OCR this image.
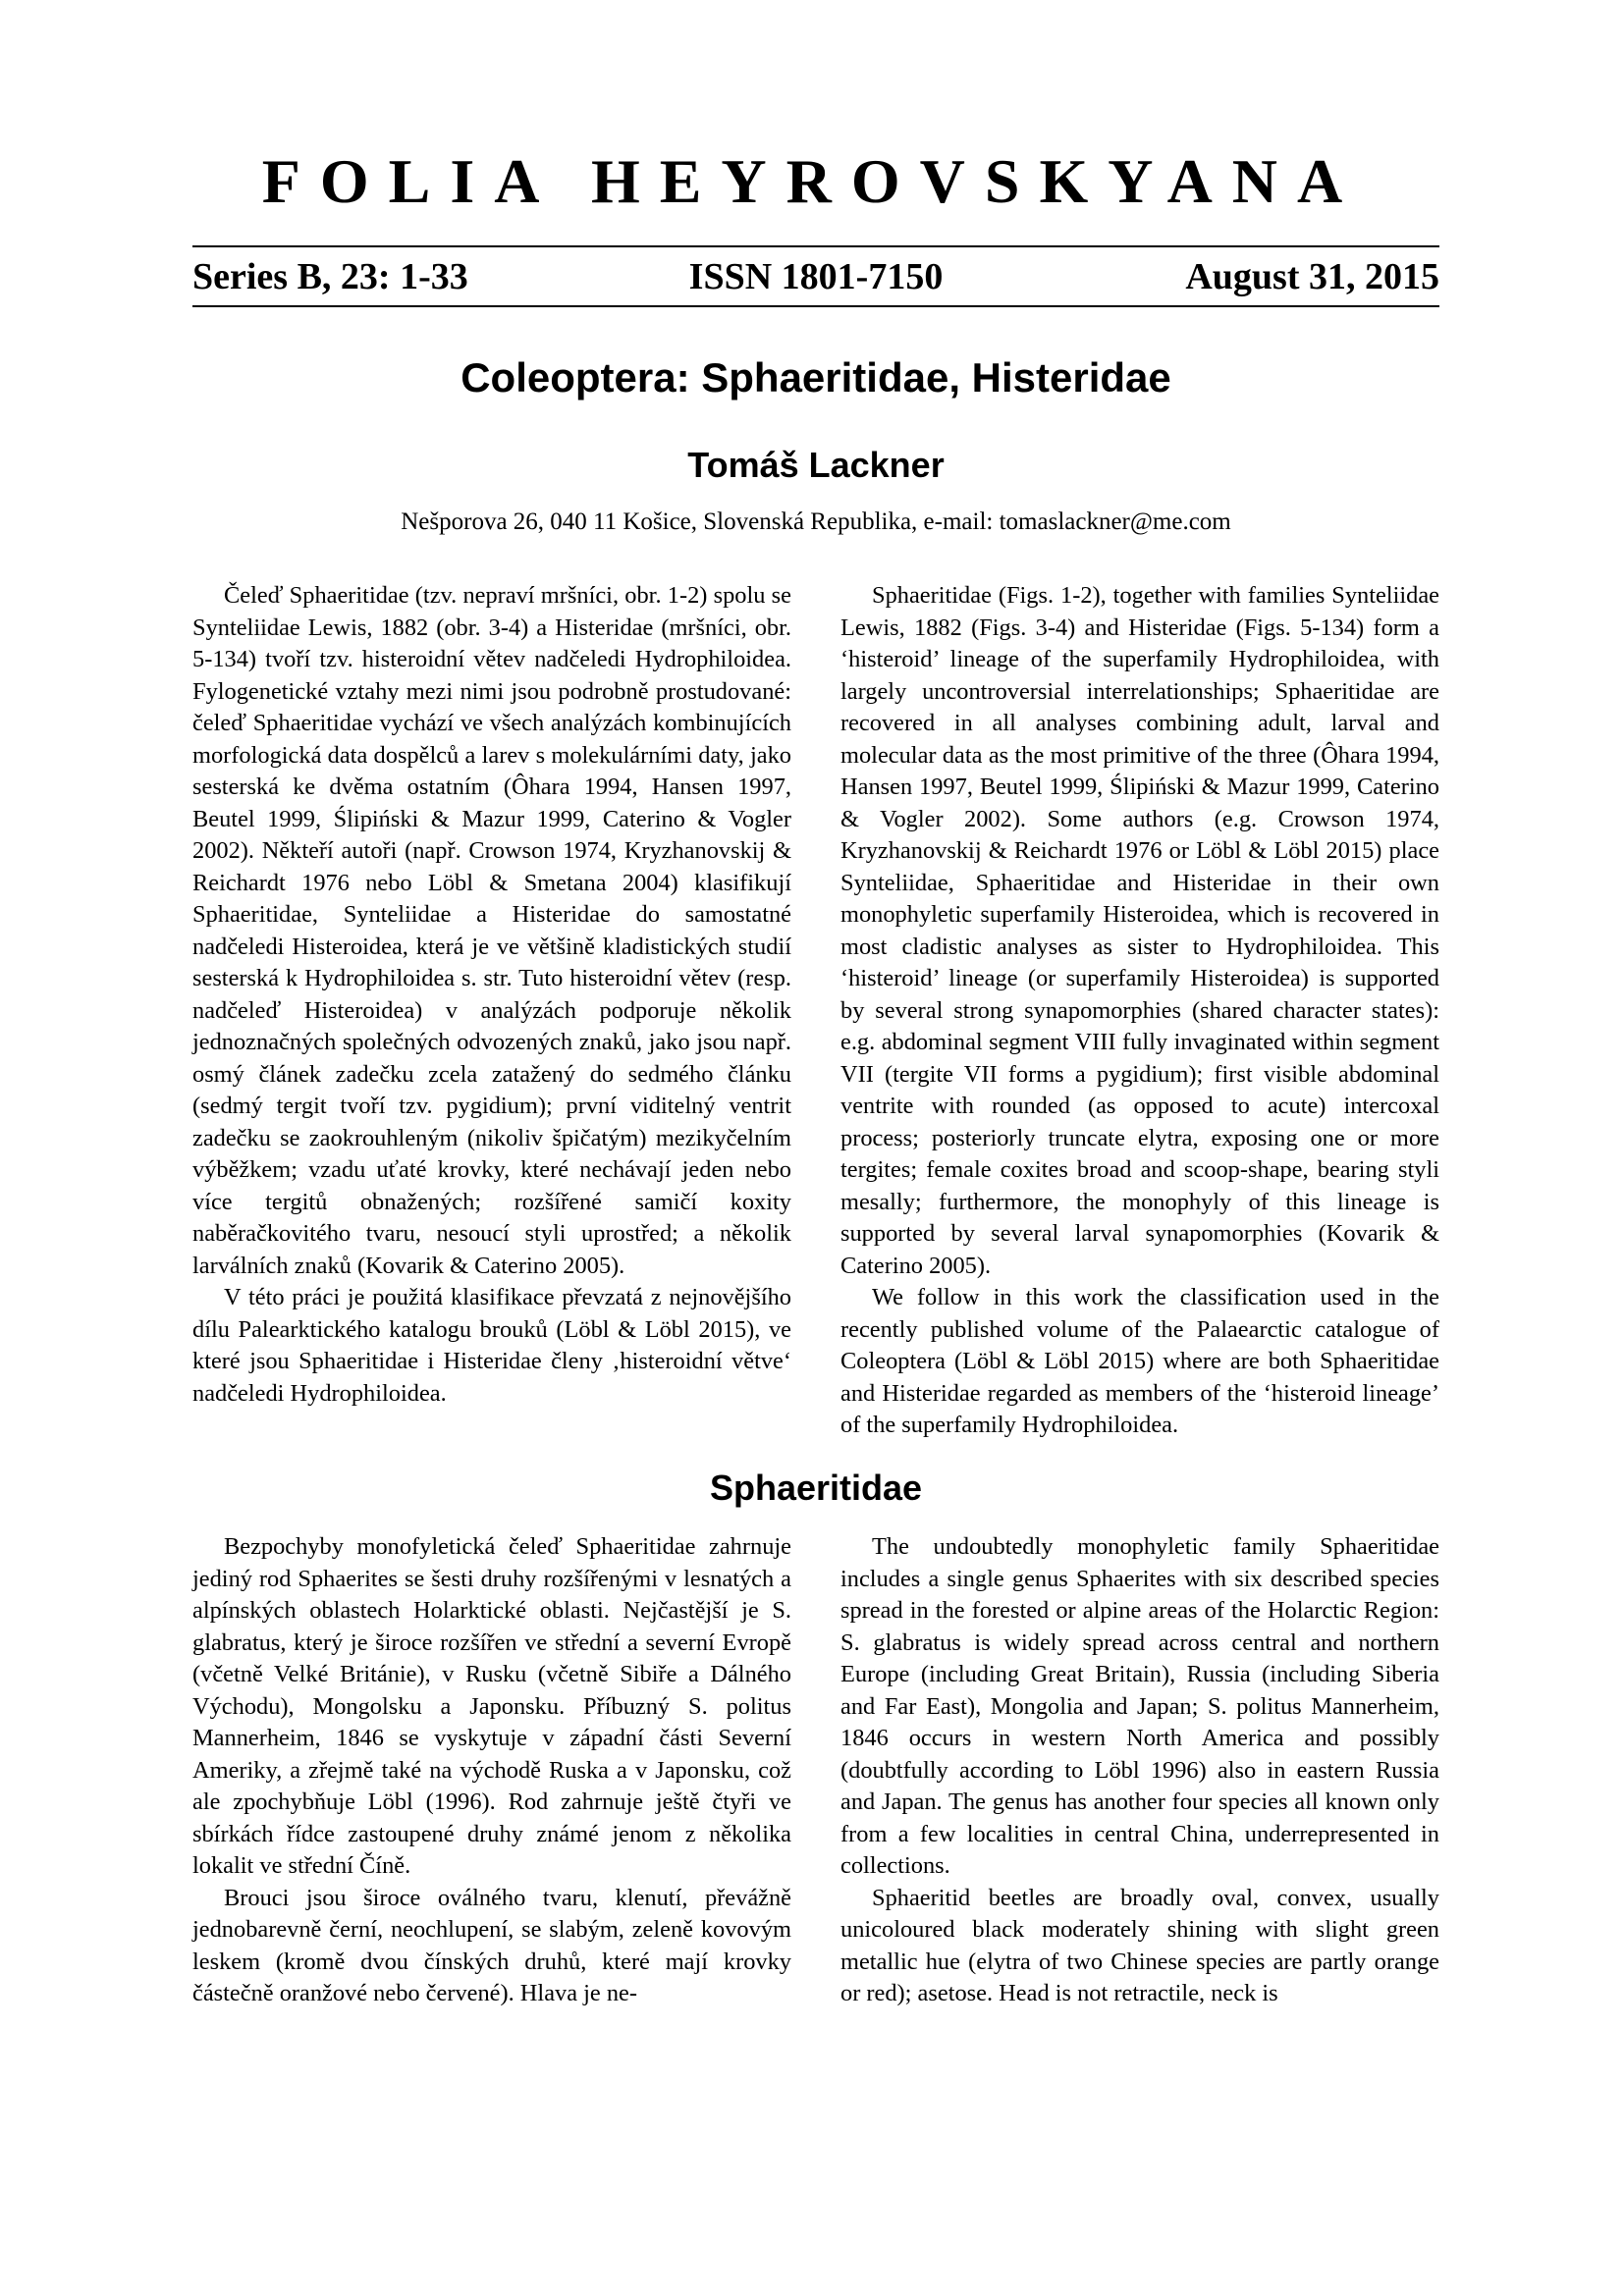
FOLIA HEYROVSKYANA
Series B, 23: 1-33	ISSN 1801-7150	August 31, 2015
Coleoptera: Sphaeritidae, Histeridae
Tomáš Lackner
Nešporova 26, 040 11 Košice, Slovenská Republika, e-mail: tomaslackner@me.com

Čeleď Sphaeritidae (tzv. nepraví mršníci, obr. 1-2) spolu se Synteliidae Lewis, 1882 (obr. 3-4) a Histeridae (mršníci, obr. 5-134) tvoří tzv. histeroidní větev nadčeledi Hydrophiloidea. Fylogenetické vztahy mezi nimi jsou podrobně prostudované: čeleď Sphaeritidae vychází ve všech analýzách kombinujících morfologická data dospělců a larev s molekulárními daty, jako sesterská ke dvěma ostatním (Ôhara 1994, Hansen 1997, Beutel 1999, Ślipiński & Mazur 1999, Caterino & Vogler 2002). Někteří autoři (např. Crowson 1974, Kryzhanovskij & Reichardt 1976 nebo Löbl & Smetana 2004) klasifikují Sphaeritidae, Synteliidae a Histeridae do samostatné nadčeledi Histeroidea, která je ve většině kladistických studií sesterská k Hydrophiloidea s. str. Tuto histeroidní větev (resp. nadčeleď Histeroidea) v analýzách podporuje několik jednoznačných společných odvozených znaků, jako jsou např. osmý článek zadečku zcela zatažený do sedmého článku (sedmý tergit tvoří tzv. pygidium); první viditelný ventrit zadečku se zaokrouhleným (nikoliv špičatým) mezikyčelním výběžkem; vzadu uťaté krovky, které nechávají jeden nebo více tergitů obnažených; rozšířené samičí koxity naběračkovitého tvaru, nesoucí styli uprostřed; a několik larválních znaků (Kovarik & Caterino 2005).

V této práci je použitá klasifikace převzatá z nejnovějšího dílu Palearktického katalogu brouků (Löbl & Löbl 2015), ve které jsou Sphaeritidae i Histeridae členy ‚histeroidní větve‘ nadčeledi Hydrophiloidea.

Sphaeritidae (Figs. 1-2), together with families Synteliidae Lewis, 1882 (Figs. 3-4) and Histeridae (Figs. 5-134) form a ‘histeroid’ lineage of the superfamily Hydrophiloidea, with largely uncontroversial interrelationships; Sphaeritidae are recovered in all analyses combining adult, larval and molecular data as the most primitive of the three (Ôhara 1994, Hansen 1997, Beutel 1999, Ślipiński & Mazur 1999, Caterino & Vogler 2002). Some authors (e.g. Crowson 1974, Kryzhanovskij & Reichardt 1976 or Löbl & Löbl 2015) place Synteliidae, Sphaeritidae and Histeridae in their own monophyletic superfamily Histeroidea, which is recovered in most cladistic analyses as sister to Hydrophiloidea. This ‘histeroid’ lineage (or superfamily Histeroidea) is supported by several strong synapomorphies (shared character states): e.g. abdominal segment VIII fully invaginated within segment VII (tergite VII forms a pygidium); first visible abdominal ventrite with rounded (as opposed to acute) intercoxal process; posteriorly truncate elytra, exposing one or more tergites; female coxites broad and scoop-shape, bearing styli mesally; furthermore, the monophyly of this lineage is supported by several larval synapomorphies (Kovarik & Caterino 2005).

We follow in this work the classification used in the recently published volume of the Palaearctic catalogue of Coleoptera (Löbl & Löbl 2015) where are both Sphaeritidae and Histeridae regarded as members of the ‘histeroid lineage’ of the superfamily Hydrophiloidea.

Sphaeritidae

Bezpochyby monofyletická čeleď Sphaeritidae zahrnuje jediný rod Sphaerites se šesti druhy rozšířenými v lesnatých a alpínských oblastech Holarktické oblasti. Nejčastější je S. glabratus, který je široce rozšířen ve střední a severní Evropě (včetně Velké Británie), v Rusku (včetně Sibiře a Dálného Východu), Mongolsku a Japonsku. Příbuzný S. politus Mannerheim, 1846 se vyskytuje v západní části Severní Ameriky, a zřejmě také na východě Ruska a v Japonsku, což ale zpochybňuje Löbl (1996). Rod zahrnuje ještě čtyři ve sbírkách řídce zastoupené druhy známé jenom z několika lokalit ve střední Číně.

Brouci jsou široce oválného tvaru, klenutí, převážně jednobarevně černí, neochlupení, se slabým, zeleně kovovým leskem (kromě dvou čínských druhů, které mají krovky částečně oranžové nebo červené). Hlava je ne-

The undoubtedly monophyletic family Sphaeritidae includes a single genus Sphaerites with six described species spread in the forested or alpine areas of the Holarctic Region: S. glabratus is widely spread across central and northern Europe (including Great Britain), Russia (including Siberia and Far East), Mongolia and Japan; S. politus Mannerheim, 1846 occurs in western North America and possibly (doubtfully according to Löbl 1996) also in eastern Russia and Japan. The genus has another four species all known only from a few localities in central China, underrepresented in collections.

Sphaeritid beetles are broadly oval, convex, usually unicoloured black moderately shining with slight green metallic hue (elytra of two Chinese species are partly orange or red); asetose. Head is not retractile, neck is
